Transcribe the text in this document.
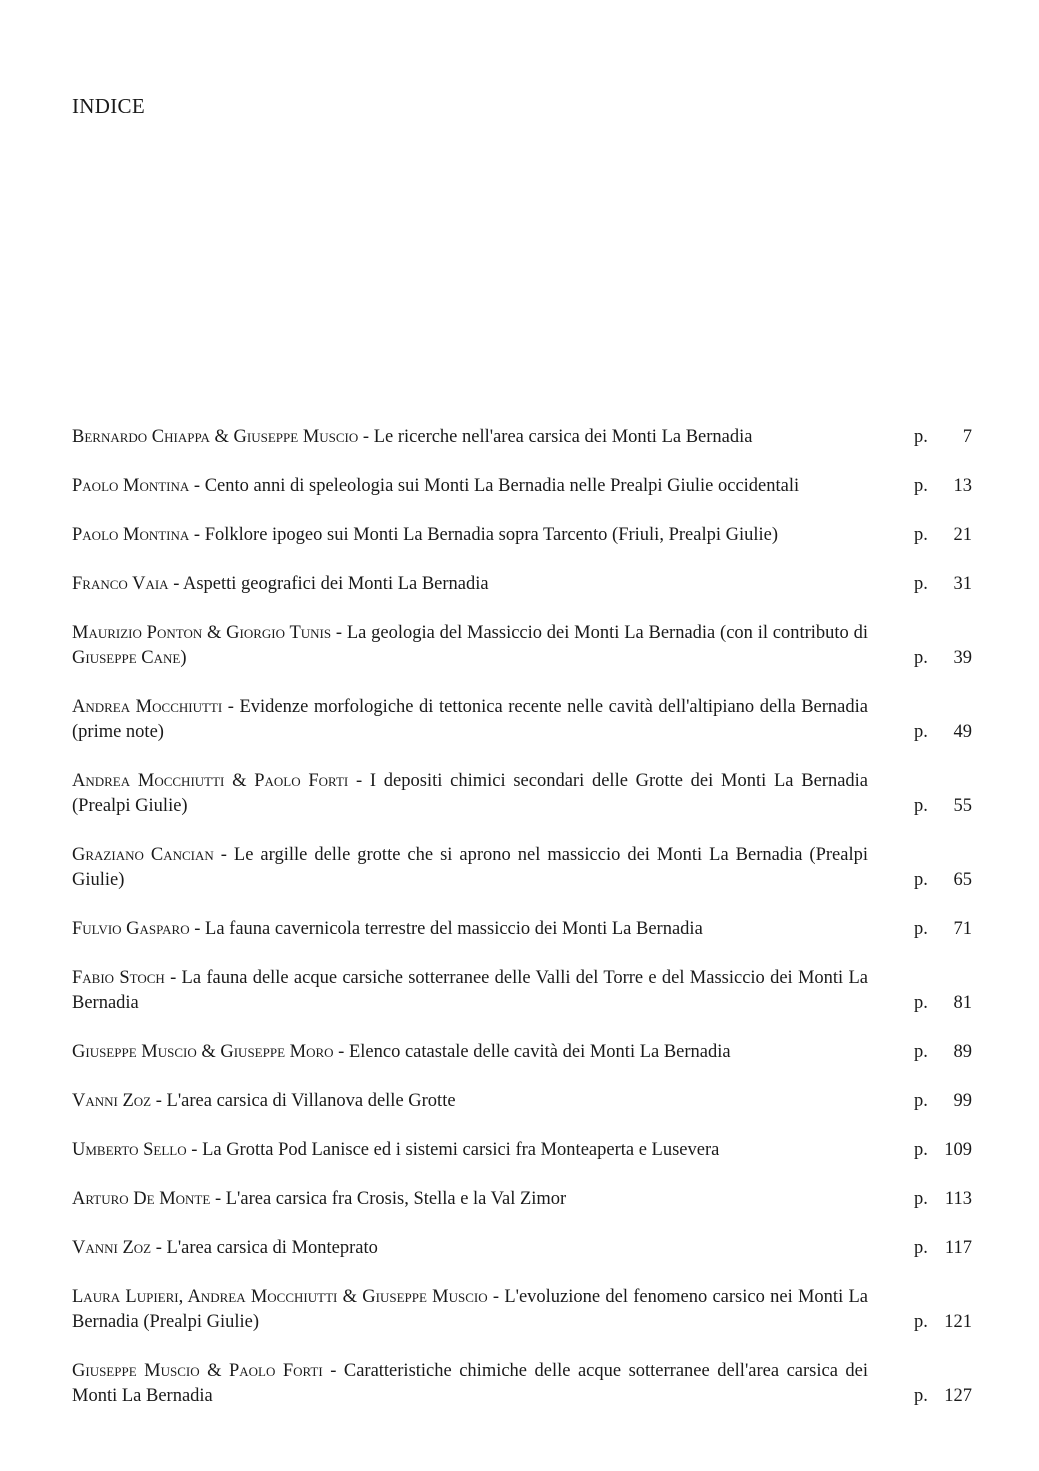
INDICE
Bernardo Chiappa & Giuseppe Muscio - Le ricerche nell'area carsica dei Monti La Bernadia	p. 7
Paolo Montina - Cento anni di speleologia sui Monti La Bernadia nelle Prealpi Giulie occidentali	p. 13
Paolo Montina - Folklore ipogeo sui Monti La Bernadia sopra Tarcento (Friuli, Prealpi Giulie)	p. 21
Franco Vaia - Aspetti geografici dei Monti La Bernadia	p. 31
Maurizio Ponton & Giorgio Tunis - La geologia del Massiccio dei Monti La Bernadia (con il contributo di Giuseppe Cane)	p. 39
Andrea Mocchiutti - Evidenze morfologiche di tettonica recente nelle cavità dell'altipiano della Bernadia (prime note)	p. 49
Andrea Mocchiutti & Paolo Forti - I depositi chimici secondari delle Grotte dei Monti La Bernadia (Prealpi Giulie)	p. 55
Graziano Cancian - Le argille delle grotte che si aprono nel massiccio dei Monti La Bernadia (Prealpi Giulie)	p. 65
Fulvio Gasparo - La fauna cavernicola terrestre del massiccio dei Monti La Bernadia	p. 71
Fabio Stoch - La fauna delle acque carsiche sotterranee delle Valli del Torre e del Massiccio dei Monti La Bernadia	p. 81
Giuseppe Muscio & Giuseppe Moro - Elenco catastale delle cavità dei Monti La Bernadia	p. 89
Vanni Zoz - L'area carsica di Villanova delle Grotte	p. 99
Umberto Sello - La Grotta Pod Lanisce ed i sistemi carsici fra Monteaperta e Lusevera	p. 109
Arturo De Monte - L'area carsica fra Crosis, Stella e la Val Zimor	p. 113
Vanni Zoz - L'area carsica di Monteprato	p. 117
Laura Lupieri, Andrea Mocchiutti & Giuseppe Muscio - L'evoluzione del fenomeno carsico nei Monti La Bernadia (Prealpi Giulie)	p. 121
Giuseppe Muscio & Paolo Forti - Caratteristiche chimiche delle acque sotterranee dell'area carsica dei Monti La Bernadia	p. 127
